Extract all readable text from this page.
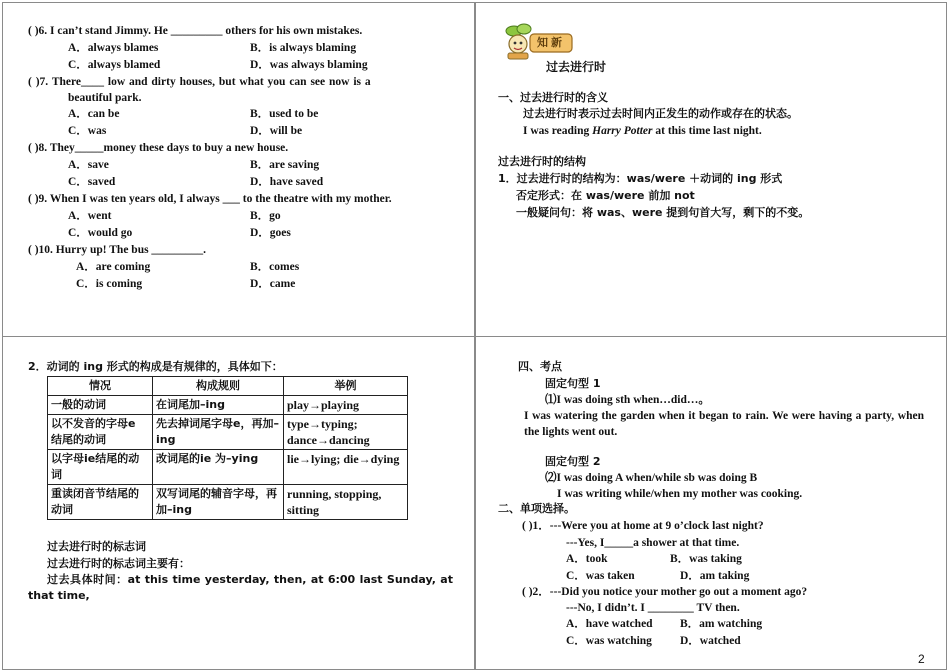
( )6. I can’t stand Jimmy. He _________ others for his own mistakes.
A．always blames	B．is always blaming
C．always blamed	D．was always blaming
( )7. There____ low and dirty houses, but what you can see now is a
beautiful park.
A．can be	B．used to be
C．was	D．will be
( )8. They_____money these days to buy a new house.
A．save	B．are saving
C．saved	D．have saved
( )9. When I was ten years old, I always ___ to the theatre with my mother.
A．went	B．go
C．would go	D．goes
( )10. Hurry up! The bus _________.
A．are coming	B．comes
C．is coming	D．came
知新
过去进行时
一、过去进行时的含义
过去进行时表示过去时间内正发生的动作或存在的状态。
I was reading Harry Potter at this time last night.
过去进行时的结构
1．过去进行时的结构为：was/were ＋动词的 ing 形式
否定形式：在 was/were 前加 not
一般疑问句：将 was、were 提到句首大写，剩下的不变。
2．动词的 ing 形式的构成是有规律的，具体如下：
情况	构成规则	举例
一般的动词	在词尾加–ing	play→playing
以不发音的字母e 结尾的动词	先去掉词尾字母e，再加–ing	type→typing; dance→dancing
以字母ie结尾的动词	改词尾的ie 为–ying	lie→lying; die→dying
重读闭音节结尾的动词	双写词尾的辅音字母，再加–ing	running, stopping, sitting
过去进行时的标志词
过去进行时的标志词主要有：
过去具体时间：at this time yesterday, then, at 6:00 last Sunday, at that time,
四、考点
固定句型 1
⑴I was doing sth when…did…。
I was watering the garden when it began to rain. We were having a party, when the lights went out.
固定句型 2
⑵I was doing A when/while sb was doing B
I was writing while/when my mother was cooking.
二、单项选择。
( )1．---Were you at home at 9 o’clock last night?
---Yes, I_____a shower at that time.
A．took	B．was taking
C．was taken	D．am taking
( )2．---Did you notice your mother go out a moment ago?
---No, I didn’t. I ________ TV then.
A．have watched B．am watching
C．was watching D．watched
2
